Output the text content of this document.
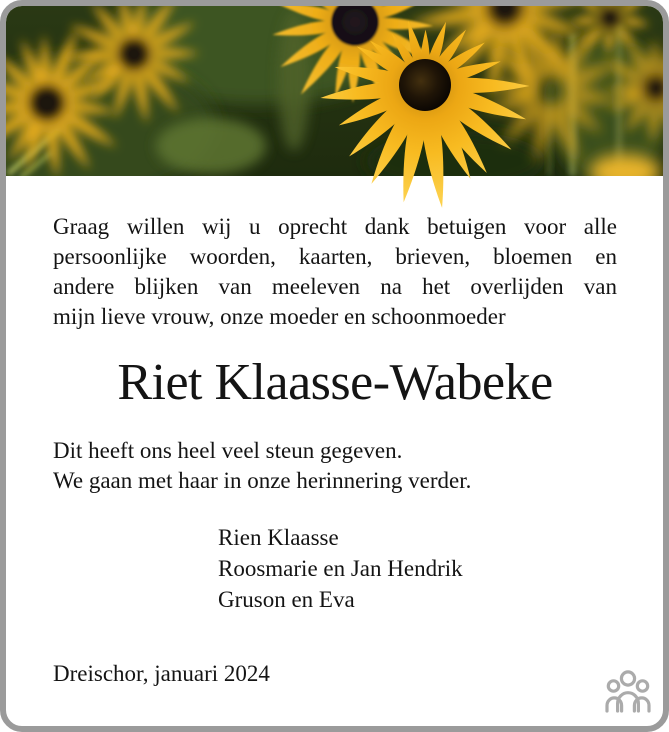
Graag willen wij u oprecht dank betuigen voor alle
persoonlijke woorden, kaarten, brieven, bloemen en
andere blijken van meeleven na het overlijden van
mijn lieve vrouw, onze moeder en schoonmoeder

Riet Klaasse-Wabeke

Dit heeft ons heel veel steun gegeven.
We gaan met haar in onze herinnering verder.

Rien Klaasse
Roosmarie en Jan Hendrik
Gruson en Eva

Dreischor, januari 2024
